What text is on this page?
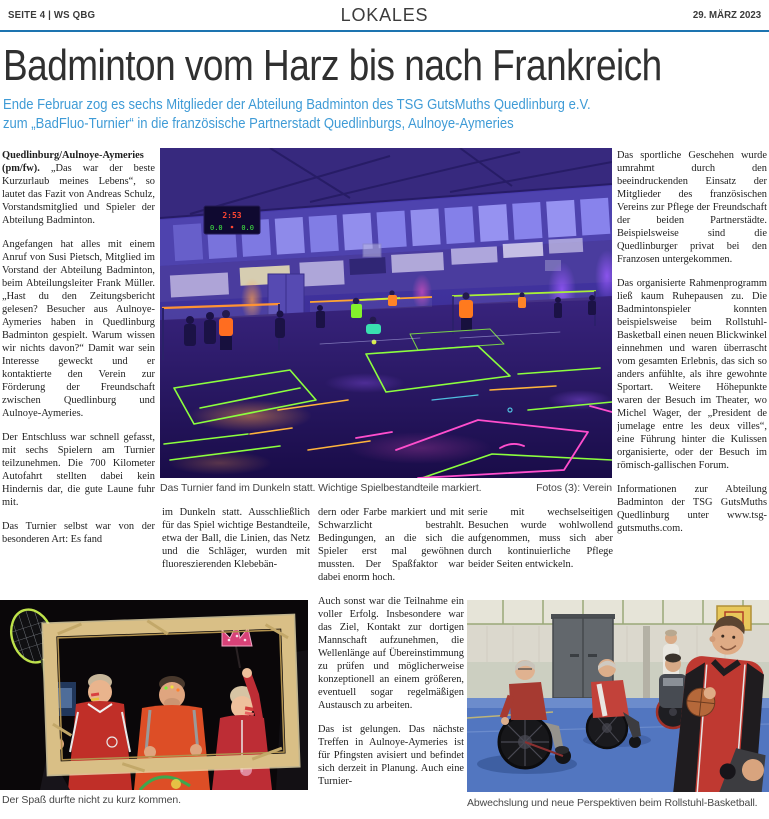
SEITE 4 | WS QBG	LOKALES	29. MÄRZ 2023
Badminton vom Harz bis nach Frankreich
Ende Februar zog es sechs Mitglieder der Abteilung Badminton des TSG GutsMuths Quedlinburg e.V.
zum „BadFluo-Turnier“ in die französische Partnerstadt Quedlinburgs, Aulnoye-Aymeries

Quedlinburg/Aulnoye-Aymeries (pm/fw). „Das war der beste Kurzurlaub meines Lebens“, so lautet das Fazit von Andreas Schulz, Vorstandsmitglied und Spieler der Abteilung Badminton.

Angefangen hat alles mit einem Anruf von Susi Pietsch, Mitglied im Vorstand der Abteilung Badminton, beim Abteilungsleiter Frank Müller. „Hast du den Zeitungsbericht gelesen? Besucher aus Aulnoye-Aymeries haben in Quedlinburg Badminton gespielt. Warum wissen wir nichts davon?“ Damit war sein Interesse geweckt und er kontaktierte den Verein zur Förderung der Freundschaft zwischen Quedlinburg und Aulnoye-Aymeries.

Der Entschluss war schnell gefasst, mit sechs Spielern am Turnier teilzunehmen. Die 700 Kilometer Autofahrt stellten dabei kein Hindernis dar, die gute Laune fuhr mit.

Das Turnier selbst war von der besonderen Art: Es fand

2:53
0.0	0.0
Das Turnier fand im Dunkeln statt. Wichtige Spielbestandteile markiert.	Fotos (3): Verein

im Dunkeln statt. Ausschließlich für das Spiel wichtige Bestandteile, etwa der Ball, die Linien, das Netz und die Schläger, wurden mit fluoreszierenden Klebebän-

dern oder Farbe markiert und mit Schwarzlicht bestrahlt. Bedingungen, an die sich die Spieler erst mal gewöhnen mussten. Der Spaßfaktor war dabei enorm hoch.

Auch sonst war die Teilnahme ein voller Erfolg. Insbesondere war das Ziel, Kontakt zur dortigen Mannschaft aufzunehmen, die Wellenlänge auf Übereinstimmung zu prüfen und möglicherweise konzeptionell an einem größeren, eventuell sogar regelmäßigen Austausch zu arbeiten.

Das ist gelungen. Das nächste Treffen in Aulnoye-Aymeries ist für Pfingsten avisiert und befindet sich derzeit in Planung. Auch eine Turnier-

serie mit wechselseitigen Besuchen wurde wohlwollend aufgenommen, muss sich aber durch kontinuierliche Pflege beider Seiten entwickeln.

Das sportliche Geschehen wurde umrahmt durch den beeindruckenden Einsatz der Mitglieder des französischen Vereins zur Pflege der Freundschaft der beiden Partnerstädte. Beispielsweise sind die Quedlinburger privat bei den Franzosen untergekommen.

Das organisierte Rahmenprogramm ließ kaum Ruhepausen zu. Die Badmintonspieler konnten beispielsweise beim Rollstuhl-Basketball einen neuen Blickwinkel einnehmen und waren überrascht vom gesamten Erlebnis, das sich so anders anfühlte, als ihre gewohnte Sportart. Weitere Höhepunkte waren der Besuch im Theater, wo Michel Wager, der „President de jumelage entre les deux villes“, eine Führung hinter die Kulissen organisierte, oder der Besuch im römisch-gallischen Forum.

Informationen zur Abteilung Badminton der TSG GutsMuths Quedlinburg unter www.tsg-gutsmuths.com.

Der Spaß durfte nicht zu kurz kommen.	Abwechslung und neue Perspektiven beim Rollstuhl-Basketball.
